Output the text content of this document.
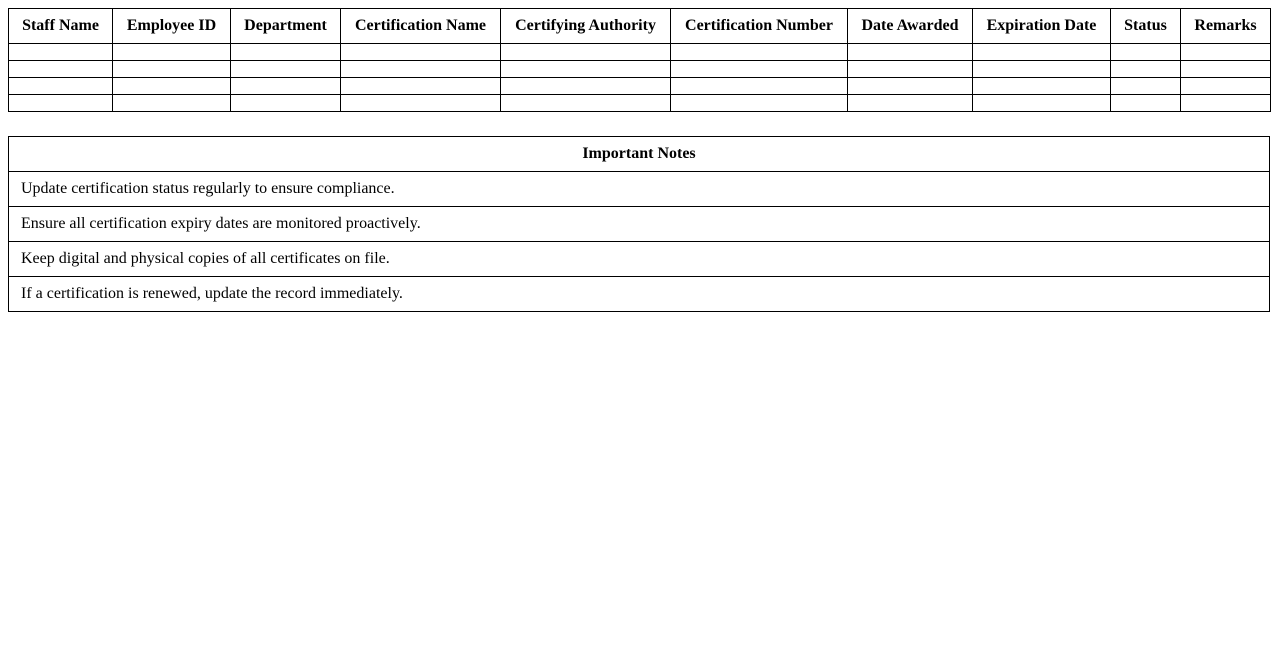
Staff Name	Employee ID	Department	Certification Name	Certifying Authority	Certification Number	Date Awarded	Expiration Date	Status	Remarks

Important Notes
Update certification status regularly to ensure compliance.
Ensure all certification expiry dates are monitored proactively.
Keep digital and physical copies of all certificates on file.
If a certification is renewed, update the record immediately.
